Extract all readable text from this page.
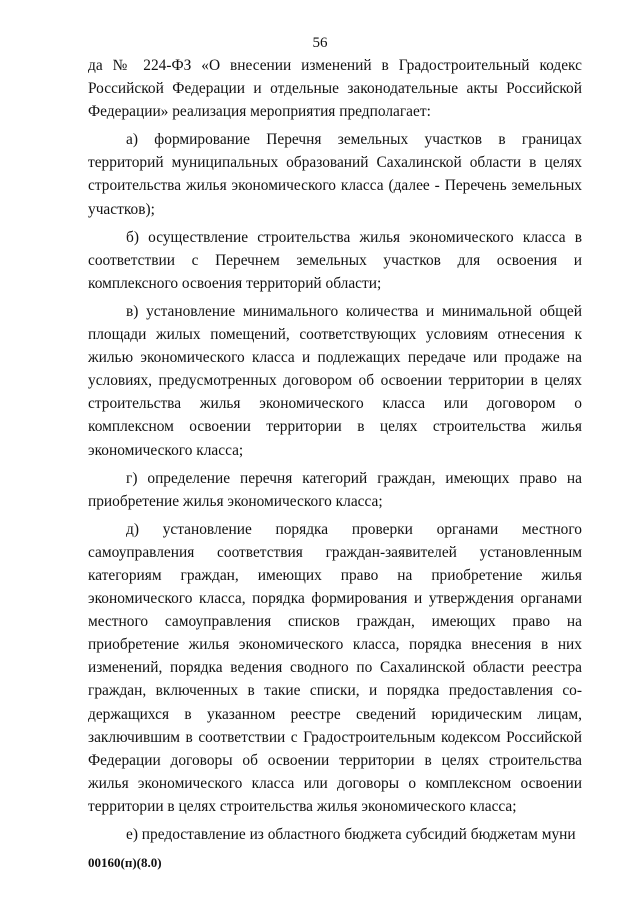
56

да № 224-ФЗ «О внесении изменений в Градостроительный кодекс Российской Федерации и отдельные законодательные акты Российской Федерации» реализация мероприятия предполагает:

а) формирование Перечня земельных участков в границах территорий муниципальных образований Сахалинской области в целях строительства жилья экономического класса (далее - Перечень земельных участков);

б) осуществление строительства жилья экономического класса в соответствии с Перечнем земельных участков для освоения и комплексного освоения территорий области;

в) установление минимального количества и минимальной общей площади жилых помещений, соответствующих условиям отнесения к жилью экономического класса и подлежащих передаче или продаже на условиях, предусмотренных договором об освоении территории в целях строительства жилья экономического класса или договором о комплексном освоении территории в целях строительства жилья экономического класса;

г) определение перечня категорий граждан, имеющих право на приобретение жилья экономического класса;

д) установление порядка проверки органами местного самоуправления соответствия граждан-заявителей установленным категориям граждан, имеющих право на приобретение жилья экономического класса, порядка формирования и утверждения органами местного самоуправления списков граждан, имеющих право на приобретение жилья экономического класса, порядка внесения в них изменений, порядка ведения сводного по Сахалинской области реестра граждан, включенных в такие списки, и порядка предоставления содержащихся в указанном реестре сведений юридическим лицам, заключившим в соответствии с Градостроительным кодексом Российской Федерации договоры об освоении территории в целях строительства жилья экономического класса или договоры о комплексном освоении территории в целях строительства жилья экономического класса;

е) предоставление из областного бюджета субсидий бюджетам муни

00160(п)(8.0)
